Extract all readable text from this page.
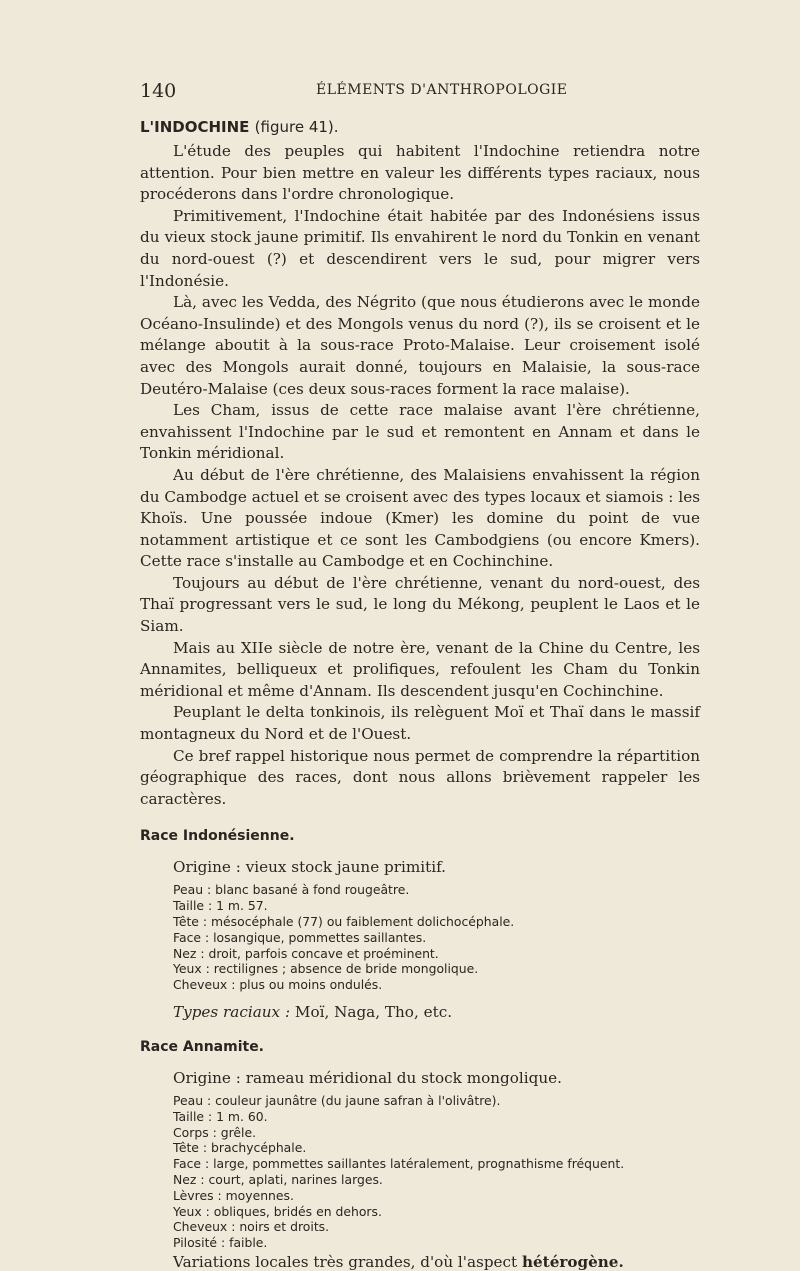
140	ÉLÉMENTS D'ANTHROPOLOGIE
L'INDOCHINE (figure 41).

L'étude des peuples qui habitent l'Indochine retiendra notre attention. Pour bien mettre en valeur les différents types raciaux, nous procéderons dans l'ordre chronologique.

Primitivement, l'Indochine était habitée par des Indonésiens issus du vieux stock jaune primitif. Ils envahirent le nord du Tonkin en venant du nord-ouest (?) et descendirent vers le sud, pour migrer vers l'Indonésie.

Là, avec les Vedda, des Négrito (que nous étudierons avec le monde Océano-Insulinde) et des Mongols venus du nord (?), ils se croisent et le mélange aboutit à la sous-race Proto-Malaise. Leur croisement isolé avec des Mongols aurait donné, toujours en Malaisie, la sous-race Deutéro-Malaise (ces deux sous-races forment la race malaise).

Les Cham, issus de cette race malaise avant l'ère chrétienne, envahissent l'Indochine par le sud et remontent en Annam et dans le Tonkin méridional.

Au début de l'ère chrétienne, des Malaisiens envahissent la région du Cambodge actuel et se croisent avec des types locaux et siamois : les Khoïs. Une poussée indoue (Kmer) les domine du point de vue notamment artistique et ce sont les Cambodgiens (ou encore Kmers). Cette race s'installe au Cambodge et en Cochinchine.

Toujours au début de l'ère chrétienne, venant du nord-ouest, des Thaï progressant vers le sud, le long du Mékong, peuplent le Laos et le Siam.

Mais au XIIe siècle de notre ère, venant de la Chine du Centre, les Annamites, belliqueux et prolifiques, refoulent les Cham du Tonkin méridional et même d'Annam. Ils descendent jusqu'en Cochinchine.

Peuplant le delta tonkinois, ils relèguent Moï et Thaï dans le massif montagneux du Nord et de l'Ouest.

Ce bref rappel historique nous permet de comprendre la répartition géographique des races, dont nous allons brièvement rappeler les caractères.

Race Indonésienne.
Origine : vieux stock jaune primitif.
Peau : blanc basané à fond rougeâtre.
Taille : 1 m. 57.
Tête : mésocéphale (77) ou faiblement dolichocéphale.
Face : losangique, pommettes saillantes.
Nez : droit, parfois concave et proéminent.
Yeux : rectilignes ; absence de bride mongolique.
Cheveux : plus ou moins ondulés.
Types raciaux : Moï, Naga, Tho, etc.
Race Annamite.
Origine : rameau méridional du stock mongolique.
Peau : couleur jaunâtre (du jaune safran à l'olivâtre).
Taille : 1 m. 60.
Corps : grêle.
Tête : brachycéphale.
Face : large, pommettes saillantes latéralement, prognathisme fréquent.
Nez : court, aplati, narines larges.
Lèvres : moyennes.
Yeux : obliques, bridés en dehors.
Cheveux : noirs et droits.
Pilosité : faible.
Variations locales très grandes, d'où l'aspect hétérogène.
